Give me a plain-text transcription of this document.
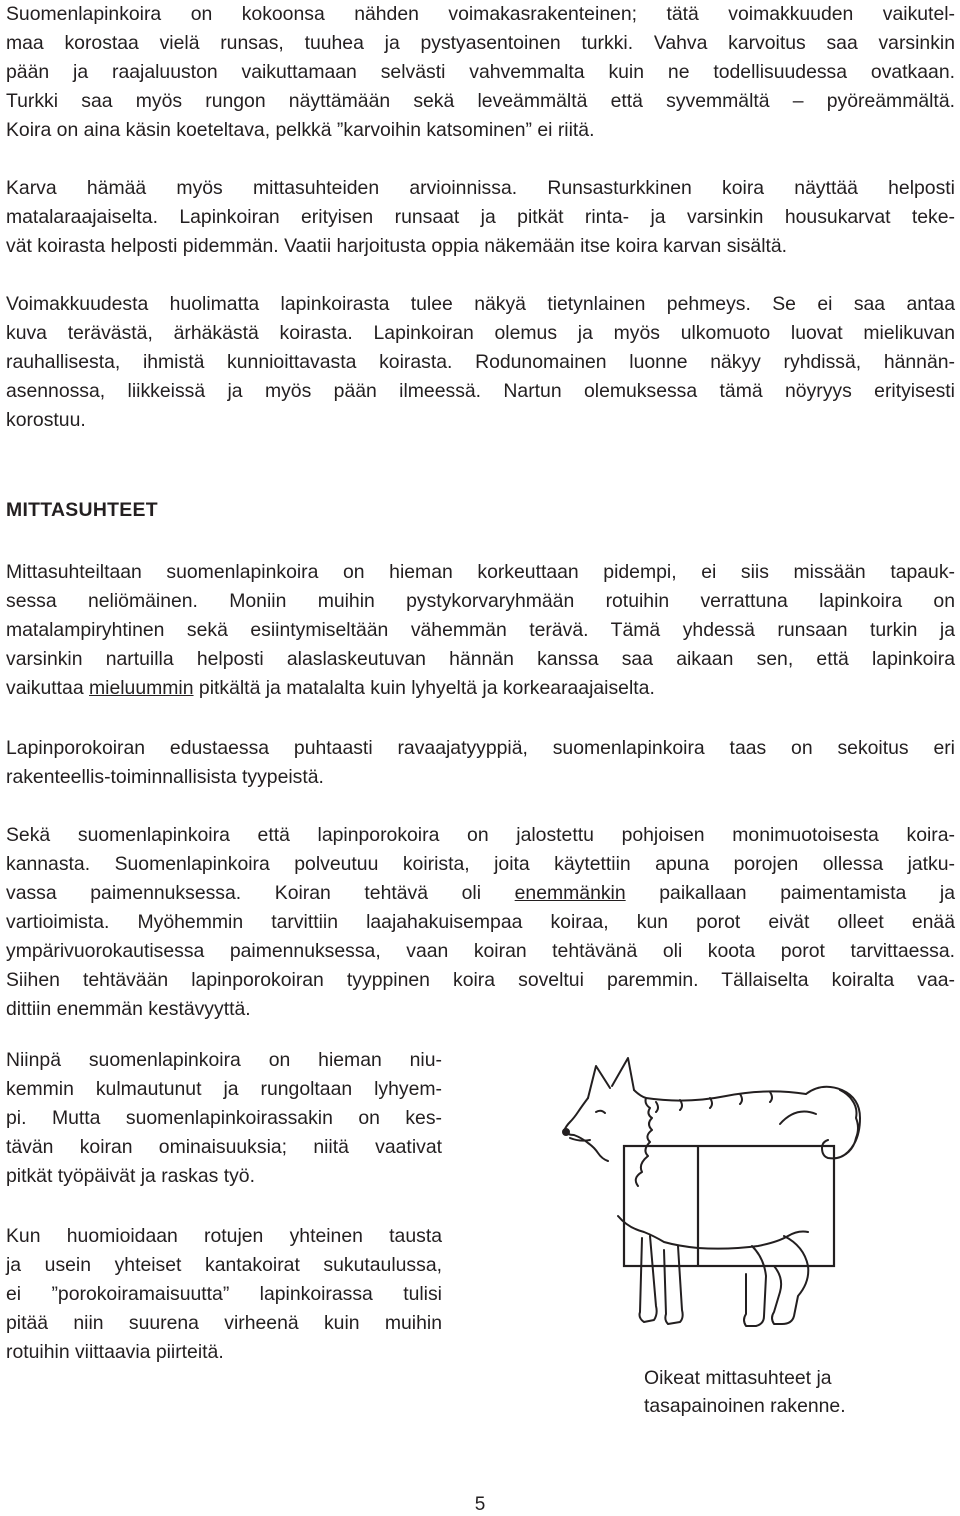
Suomenlapinkoira on kokoonsa nähden voimakasrakenteinen; tätä voimakkuuden vaikutel-
maa korostaa vielä runsas, tuuhea ja pystyasentoinen turkki. Vahva karvoitus saa varsinkin
pään ja raajaluuston vaikuttamaan selvästi vahvemmalta kuin ne todellisuudessa ovatkaan.
Turkki saa myös rungon näyttämään sekä leveämmältä että syvemmältä – pyöreämmältä.
Koira on aina käsin koeteltava, pelkkä ”karvoihin katsominen” ei riitä.

Karva hämää myös mittasuhteiden arvioinnissa. Runsasturkkinen koira näyttää helposti
matalaraajaiselta. Lapinkoiran erityisen runsaat ja pitkät rinta- ja varsinkin housukarvat teke-
vät koirasta helposti pidemmän. Vaatii harjoitusta oppia näkemään itse koira karvan sisältä.

Voimakkuudesta huolimatta lapinkoirasta tulee näkyä tietynlainen pehmeys. Se ei saa antaa
kuva terävästä, ärhäkästä koirasta. Lapinkoiran olemus ja myös ulkomuoto luovat mielikuvan
rauhallisesta, ihmistä kunnioittavasta koirasta. Rodunomainen luonne näkyy ryhdissä, hännän-
asennossa, liikkeissä ja myös pään ilmeessä. Nartun olemuksessa tämä nöyryys erityisesti
korostuu.

MITTASUHTEET

Mittasuhteiltaan suomenlapinkoira on hieman korkeuttaan pidempi, ei siis missään tapauk-
sessa neliömäinen. Moniin muihin pystykorvaryhmään rotuihin verrattuna lapinkoira on
matalampiryhtinen sekä esiintymiseltään vähemmän terävä. Tämä yhdessä runsaan turkin ja
varsinkin nartuilla helposti alaslaskeutuvan hännän kanssa saa aikaan sen, että lapinkoira
vaikuttaa mieluummin pitkältä ja matalalta kuin lyhyeltä ja korkearaajaiselta.

Lapinporokoiran edustaessa puhtaasti ravaajatyyppiä, suomenlapinkoira taas on sekoitus eri
rakenteellis-toiminnallisista tyypeistä.

Sekä suomenlapinkoira että lapinporokoira on jalostettu pohjoisen monimuotoisesta koira-
kannasta. Suomenlapinkoira polveutuu koirista, joita käytettiin apuna porojen ollessa jatku-
vassa paimennuksessa. Koiran tehtävä oli enemmänkin paikallaan paimentamista ja
vartioimista. Myöhemmin tarvittiin laajahakuisempaa koiraa, kun porot eivät olleet enää
ympärivuorokautisessa paimennuksessa, vaan koiran tehtävänä oli koota porot tarvittaessa.
Siihen tehtävään lapinporokoiran tyyppinen koira soveltui paremmin. Tällaiselta koiralta vaa-
dittiin enemmän kestävyyttä.

Niinpä suomenlapinkoira on hieman niu-
kemmin kulmautunut ja rungoltaan lyhyem-
pi. Mutta suomenlapinkoirassakin on kes-
tävän koiran ominaisuuksia; niitä vaativat
pitkät työpäivät ja raskas työ.

Kun huomioidaan rotujen yhteinen tausta
ja usein yhteiset kantakoirat sukutaulussa,
ei ”porokoiramaisuutta” lapinkoirassa tulisi
pitää niin suurena virheenä kuin muihin
rotuihin viittaavia piirteitä.

Oikeat mittasuhteet ja
tasapainoinen rakenne.

5
